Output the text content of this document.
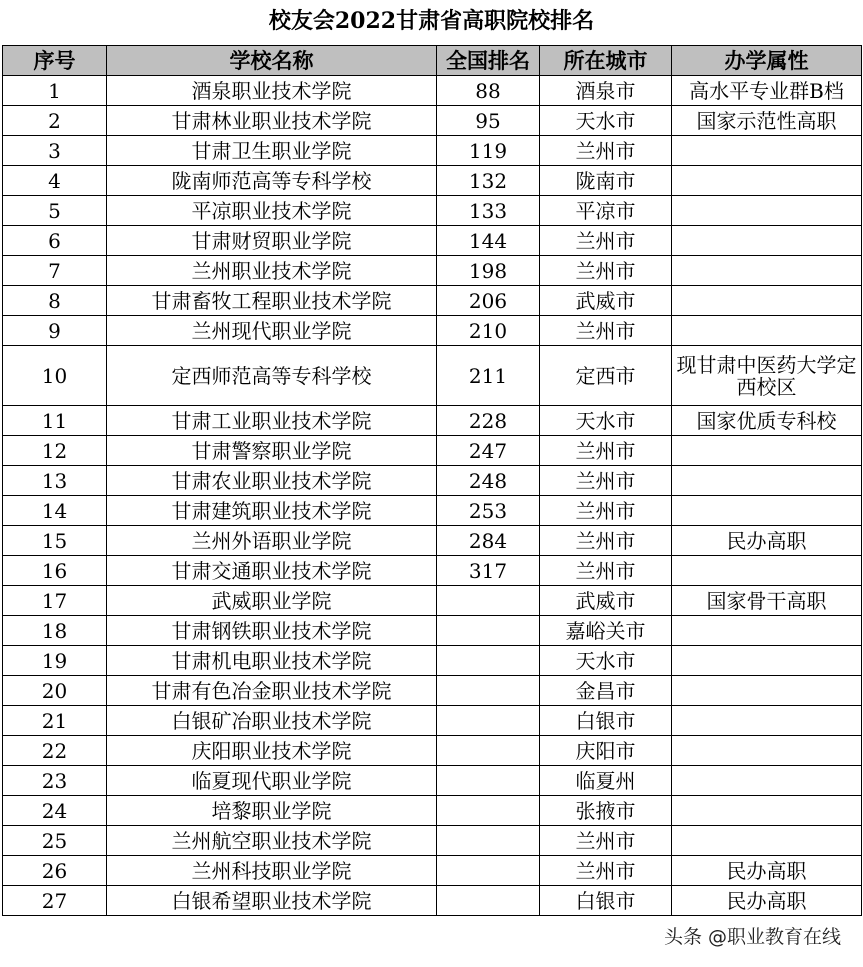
校友会2022甘肃省高职院校排名
序号	学校名称	全国排名	所在城市	办学属性
1	酒泉职业技术学院	88	酒泉市	高水平专业群B档
2	甘肃林业职业技术学院	95	天水市	国家示范性高职
3	甘肃卫生职业学院	119	兰州市	
4	陇南师范高等专科学校	132	陇南市	
5	平凉职业技术学院	133	平凉市	
6	甘肃财贸职业学院	144	兰州市	
7	兰州职业技术学院	198	兰州市	
8	甘肃畜牧工程职业技术学院	206	武威市	
9	兰州现代职业学院	210	兰州市	
10	定西师范高等专科学校	211	定西市	现甘肃中医药大学定西校区
11	甘肃工业职业技术学院	228	天水市	国家优质专科校
12	甘肃警察职业学院	247	兰州市	
13	甘肃农业职业技术学院	248	兰州市	
14	甘肃建筑职业技术学院	253	兰州市	
15	兰州外语职业学院	284	兰州市	民办高职
16	甘肃交通职业技术学院	317	兰州市	
17	武威职业学院		武威市	国家骨干高职
18	甘肃钢铁职业技术学院		嘉峪关市	
19	甘肃机电职业技术学院		天水市	
20	甘肃有色冶金职业技术学院		金昌市	
21	白银矿冶职业技术学院		白银市	
22	庆阳职业技术学院		庆阳市	
23	临夏现代职业学院		临夏州	
24	培黎职业学院		张掖市	
25	兰州航空职业技术学院		兰州市	
26	兰州科技职业学院		兰州市	民办高职
27	白银希望职业技术学院		白银市	民办高职
头条 @职业教育在线
